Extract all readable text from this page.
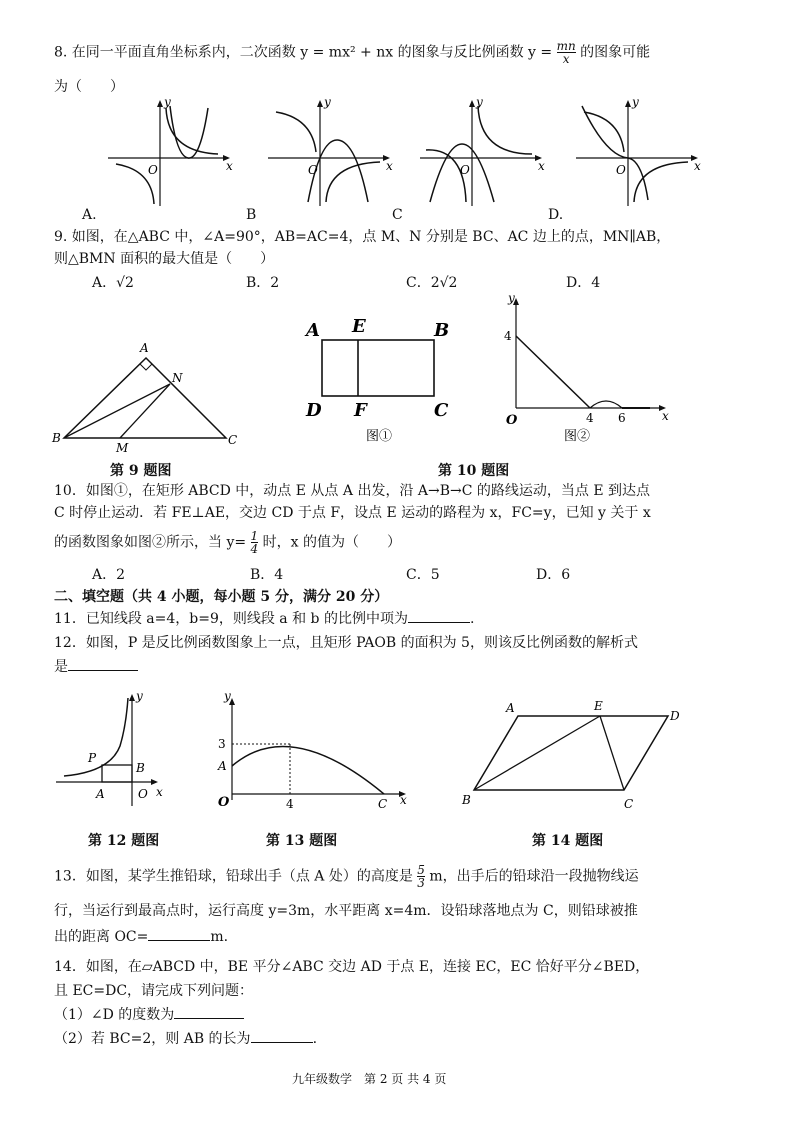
8. 在同一平面直角坐标系内，二次函数 y = mx² + nx 的图象与反比例函数 $y = \frac{mn}{x}$ 的图象可能
为（　　）
y
x
O
A.
y
x
O
B
y
x
O
C
y
x
O
D.
9. 如图，在△ABC 中，∠A=90°，AB=AC=4，点 M、N 分别是 BC、AC 边上的点，MN∥AB，
则△BMN 面积的最大值是（　　）
A．√2	B．2	C．2√2	D．4
A
B	C
M
N
第 9 题图
A E	B
D F	C
图①
y
x
O
4
4 6
图②
第 10 题图
10．如图①，在矩形 ABCD 中，动点 E 从点 A 出发，沿 A→B→C 的路线运动，当点 E 到达点
C 时停止运动．若 FE⊥AE，交边 CD 于点 F，设点 E 运动的路程为 x，FC=y，已知 y 关于 x
的函数图象如图②所示，当 $y= \frac{1}{4}$ 时，x 的值为（　　）
A．2	B．4	C．5	D．6
二、填空题（共 4 小题，每小题 5 分，满分 20 分）
11．已知线段 a=4，b=9，则线段 a 和 b 的比例中项为	.
12．如图，P 是反比例函数图象上一点，且矩形 PAOB 的面积为 5，则该反比例函数的解析式
是
y
x
P
B
A	O
第 12 题图
y
x
O
A
3
4	C
第 13 题图
A	E
D
B	C
第 14 题图
13．如图，某学生推铅球，铅球出手（点 A 处）的高度是 $\frac{5}{3}$ m，出手后的铅球沿一段抛物线运
行，当运行到最高点时，运行高度 y=3m，水平距离 x=4m．设铅球落地点为 C，则铅球被推
出的距离 OC=	m.
14．如图，在▱ABCD 中，BE 平分∠ABC 交边 AD 于点 E，连接 EC，EC 恰好平分∠BED，
且 EC=DC，请完成下列问题：
（1）∠D 的度数为
（2）若 BC=2，则 AB 的长为	.
九年级数学　第 2 页 共 4 页
